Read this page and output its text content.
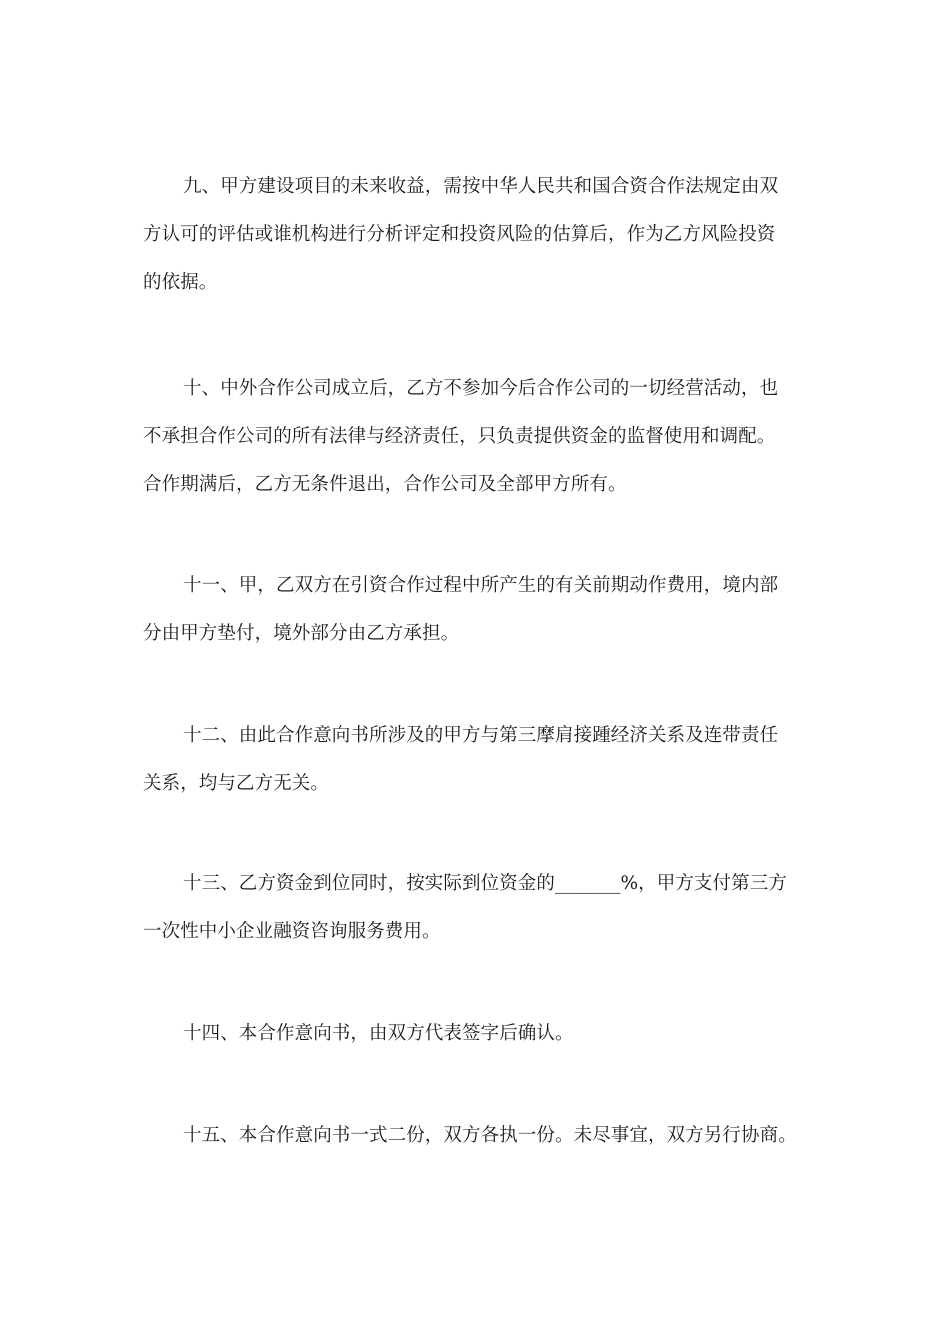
九、甲方建设项目的未来收益，需按中华人民共和国合资合作法规定由双
方认可的评估或谁机构进行分析评定和投资风险的估算后，作为乙方风险投资
的依据。
十、中外合作公司成立后，乙方不参加今后合作公司的一切经营活动，也
不承担合作公司的所有法律与经济责任，只负责提供资金的监督使用和调配。
合作期满后，乙方无条件退出，合作公司及全部甲方所有。
十一、甲，乙双方在引资合作过程中所产生的有关前期动作费用，境内部
分由甲方垫付，境外部分由乙方承担。
十二、由此合作意向书所涉及的甲方与第三摩肩接踵经济关系及连带责任
关系，均与乙方无关。
十三、乙方资金到位同时，按实际到位资金的_______%，甲方支付第三方
一次性中小企业融资咨询服务费用。
十四、本合作意向书，由双方代表签字后确认。
十五、本合作意向书一式二份，双方各执一份。未尽事宜，双方另行协商。
